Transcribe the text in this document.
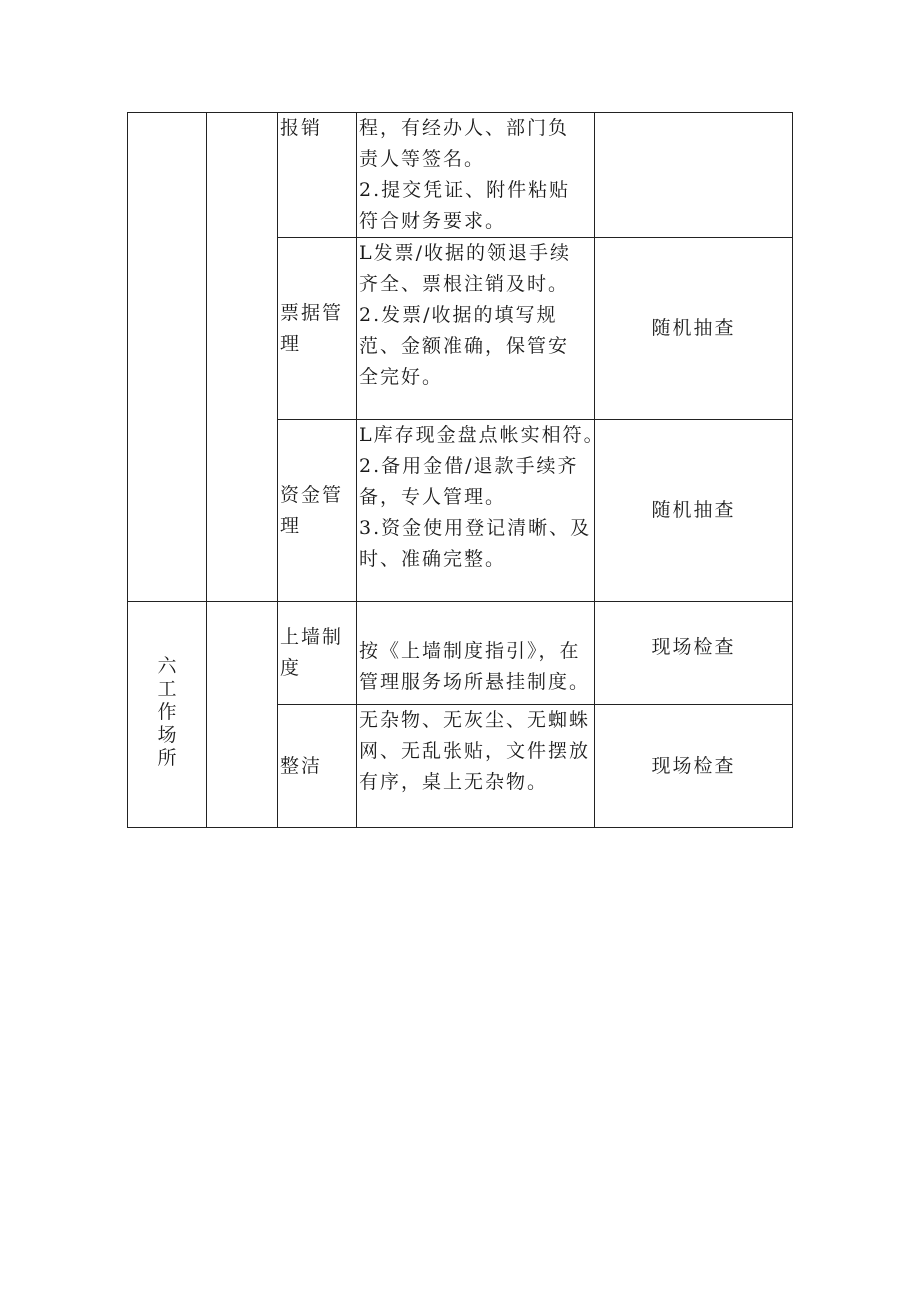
		报销	程，有经办人、部门负
责人等签名。
2.提交凭证、附件粘贴
符合财务要求。	

		票据管理	L发票/收据的领退手续
齐全、票根注销及时。
2.发票/收据的填写规
范、金额准确，保管安
全完好。	随机抽查
		资金管理	L库存现金盘点帐实相符。
2.备用金借/退款手续齐
备，专人管理。
3.资金使用登记清晰、及
时、准确完整。	随机抽查
六工作场所		上墙制度	按《上墙制度指引》，在
管理服务场所悬挂制度。	现场检查
		整洁	无杂物、无灰尘、无蜘蛛
网、无乱张贴，文件摆放
有序，桌上无杂物。	现场检查
